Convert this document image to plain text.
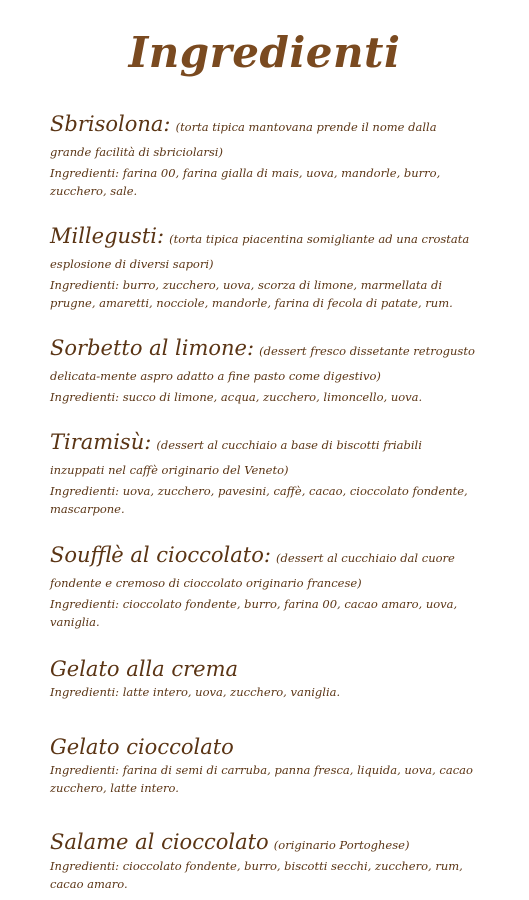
Ingredienti
Sbrisolona: (torta tipica mantovana prende il nome dalla grande facilità di sbriciolarsi)
Ingredienti: farina 00, farina gialla di mais, uova, mandorle, burro, zucchero, sale.
Millegusti: (torta tipica piacentina somigliante ad una crostata esplosione di diversi sapori)
Ingredienti: burro, zucchero, uova, scorza di limone, marmellata di prugne, amaretti, nocciole, mandorle, farina di fecola di patate, rum.
Sorbetto al limone: (dessert fresco dissetante retrogusto delicata-mente aspro adatto a fine pasto come digestivo)
Ingredienti: succo di limone, acqua, zucchero, limoncello, uova.
Tiramisù: (dessert al cucchiaio a base di biscotti friabili inzuppati nel caffè originario del Veneto)
Ingredienti: uova, zucchero, pavesini, caffè, cacao, cioccolato fondente, mascarpone.
Soufflè al cioccolato: (dessert al cucchiaio dal cuore fondente e cremoso di cioccolato originario francese)
Ingredienti: cioccolato fondente, burro, farina 00, cacao amaro, uova, vaniglia.
Gelato alla crema
Ingredienti: latte intero, uova, zucchero, vaniglia.
Gelato cioccolato
Ingredienti: farina di semi di carruba, panna fresca, liquida, uova, cacao zucchero, latte intero.
Salame al cioccolato (originario Portoghese)
Ingredienti: cioccolato fondente, burro, biscotti secchi, zucchero, rum, cacao amaro.
